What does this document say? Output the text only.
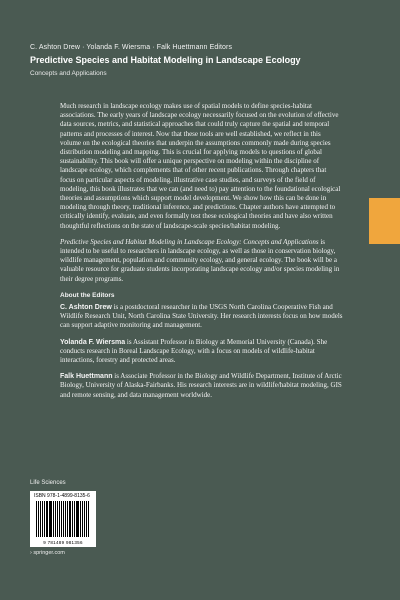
C. Ashton Drew · Yolanda F. Wiersma · Falk Huettmann Editors
Predictive Species and Habitat Modeling in Landscape Ecology
Concepts and Applications

Much research in landscape ecology makes use of spatial models to define species-habitat associations. The early years of landscape ecology necessarily focused on the evolution of effective data sources, metrics, and statistical approaches that could truly capture the spatial and temporal patterns and processes of interest. Now that these tools are well established, we reflect in this volume on the ecological theories that underpin the assumptions commonly made during species distribution modeling and mapping. This is crucial for applying models to questions of global sustainability. This book will offer a unique perspective on modeling within the discipline of landscape ecology, which complements that of other recent publications. Through chapters that focus on particular aspects of modeling, illustrative case studies, and surveys of the field of modeling, this book illustrates that we can (and need to) pay attention to the foundational ecological theories and assumptions which support model development. We show how this can be done in modeling through theory, traditional inference, and predictions. Chapter authors have attempted to critically identify, evaluate, and even formally test these ecological theories and have also written thoughtful reflections on the state of landscape-scale species/habitat modeling.

Predictive Species and Habitat Modeling in Landscape Ecology: Concepts and Applications is intended to be useful to researchers in landscape ecology, as well as those in conservation biology, wildlife management, population and community ecology, and general ecology. The book will be a valuable resource for graduate students incorporating landscape ecology and/or species modeling in their degree programs.

About the Editors

C. Ashton Drew is a postdoctoral researcher in the USGS North Carolina Cooperative Fish and Wildlife Research Unit, North Carolina State University. Her research interests focus on how models can support adaptive monitoring and management.

Yolanda F. Wiersma is Assistant Professor in Biology at Memorial University (Canada). She conducts research in Boreal Landscape Ecology, with a focus on models of wildlife-habitat interactions, forestry and protected areas.

Falk Huettmann is Associate Professor in the Biology and Wildlife Department, Institute of Arctic Biology, University of Alaska-Fairbanks. His research interests are in wildlife/habitat modeling, GIS and remote sensing, and data management worldwide.

Life Sciences
ISBN 978-1-4899-8135-6
9 781489 981356
› springer.com
